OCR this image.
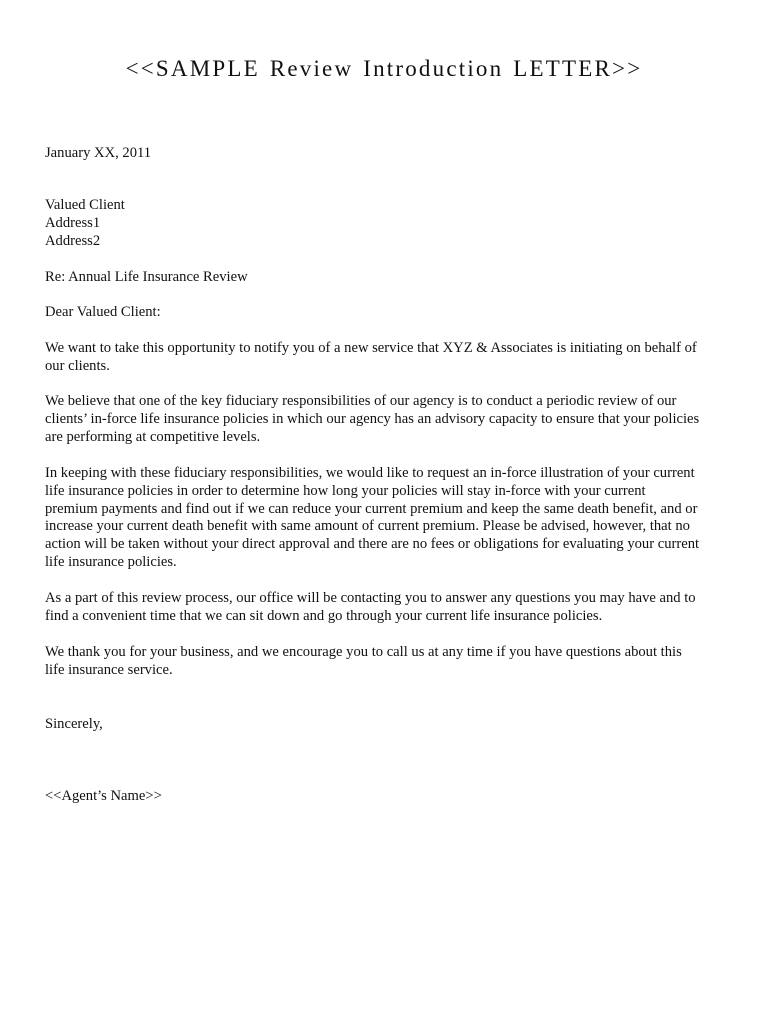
<<SAMPLE Review Introduction LETTER>>
January XX, 2011
Valued Client
Address1
Address2
Re: Annual Life Insurance Review
Dear Valued Client:
We want to take this opportunity to notify you of a new service that XYZ & Associates is initiating on behalf of
our clients.
We believe that one of the key fiduciary responsibilities of our agency is to conduct a periodic review of our
clients’ in-force life insurance policies in which our agency has an advisory capacity to ensure that your policies
are performing at competitive levels.
In keeping with these fiduciary responsibilities, we would like to request an in-force illustration of your current
life insurance policies in order to determine how long your policies will stay in-force with your current
premium payments and find out if we can reduce your current premium and keep the same death benefit, and or
increase your current death benefit with same amount of current premium. Please be advised, however, that no
action will be taken without your direct approval and there are no fees or obligations for evaluating your current
life insurance policies.
As a part of this review process, our office will be contacting you to answer any questions you may have and to
find a convenient time that we can sit down and go through your current life insurance policies.
We thank you for your business, and we encourage you to call us at any time if you have questions about this
life insurance service.
Sincerely,
<<Agent’s Name>>
